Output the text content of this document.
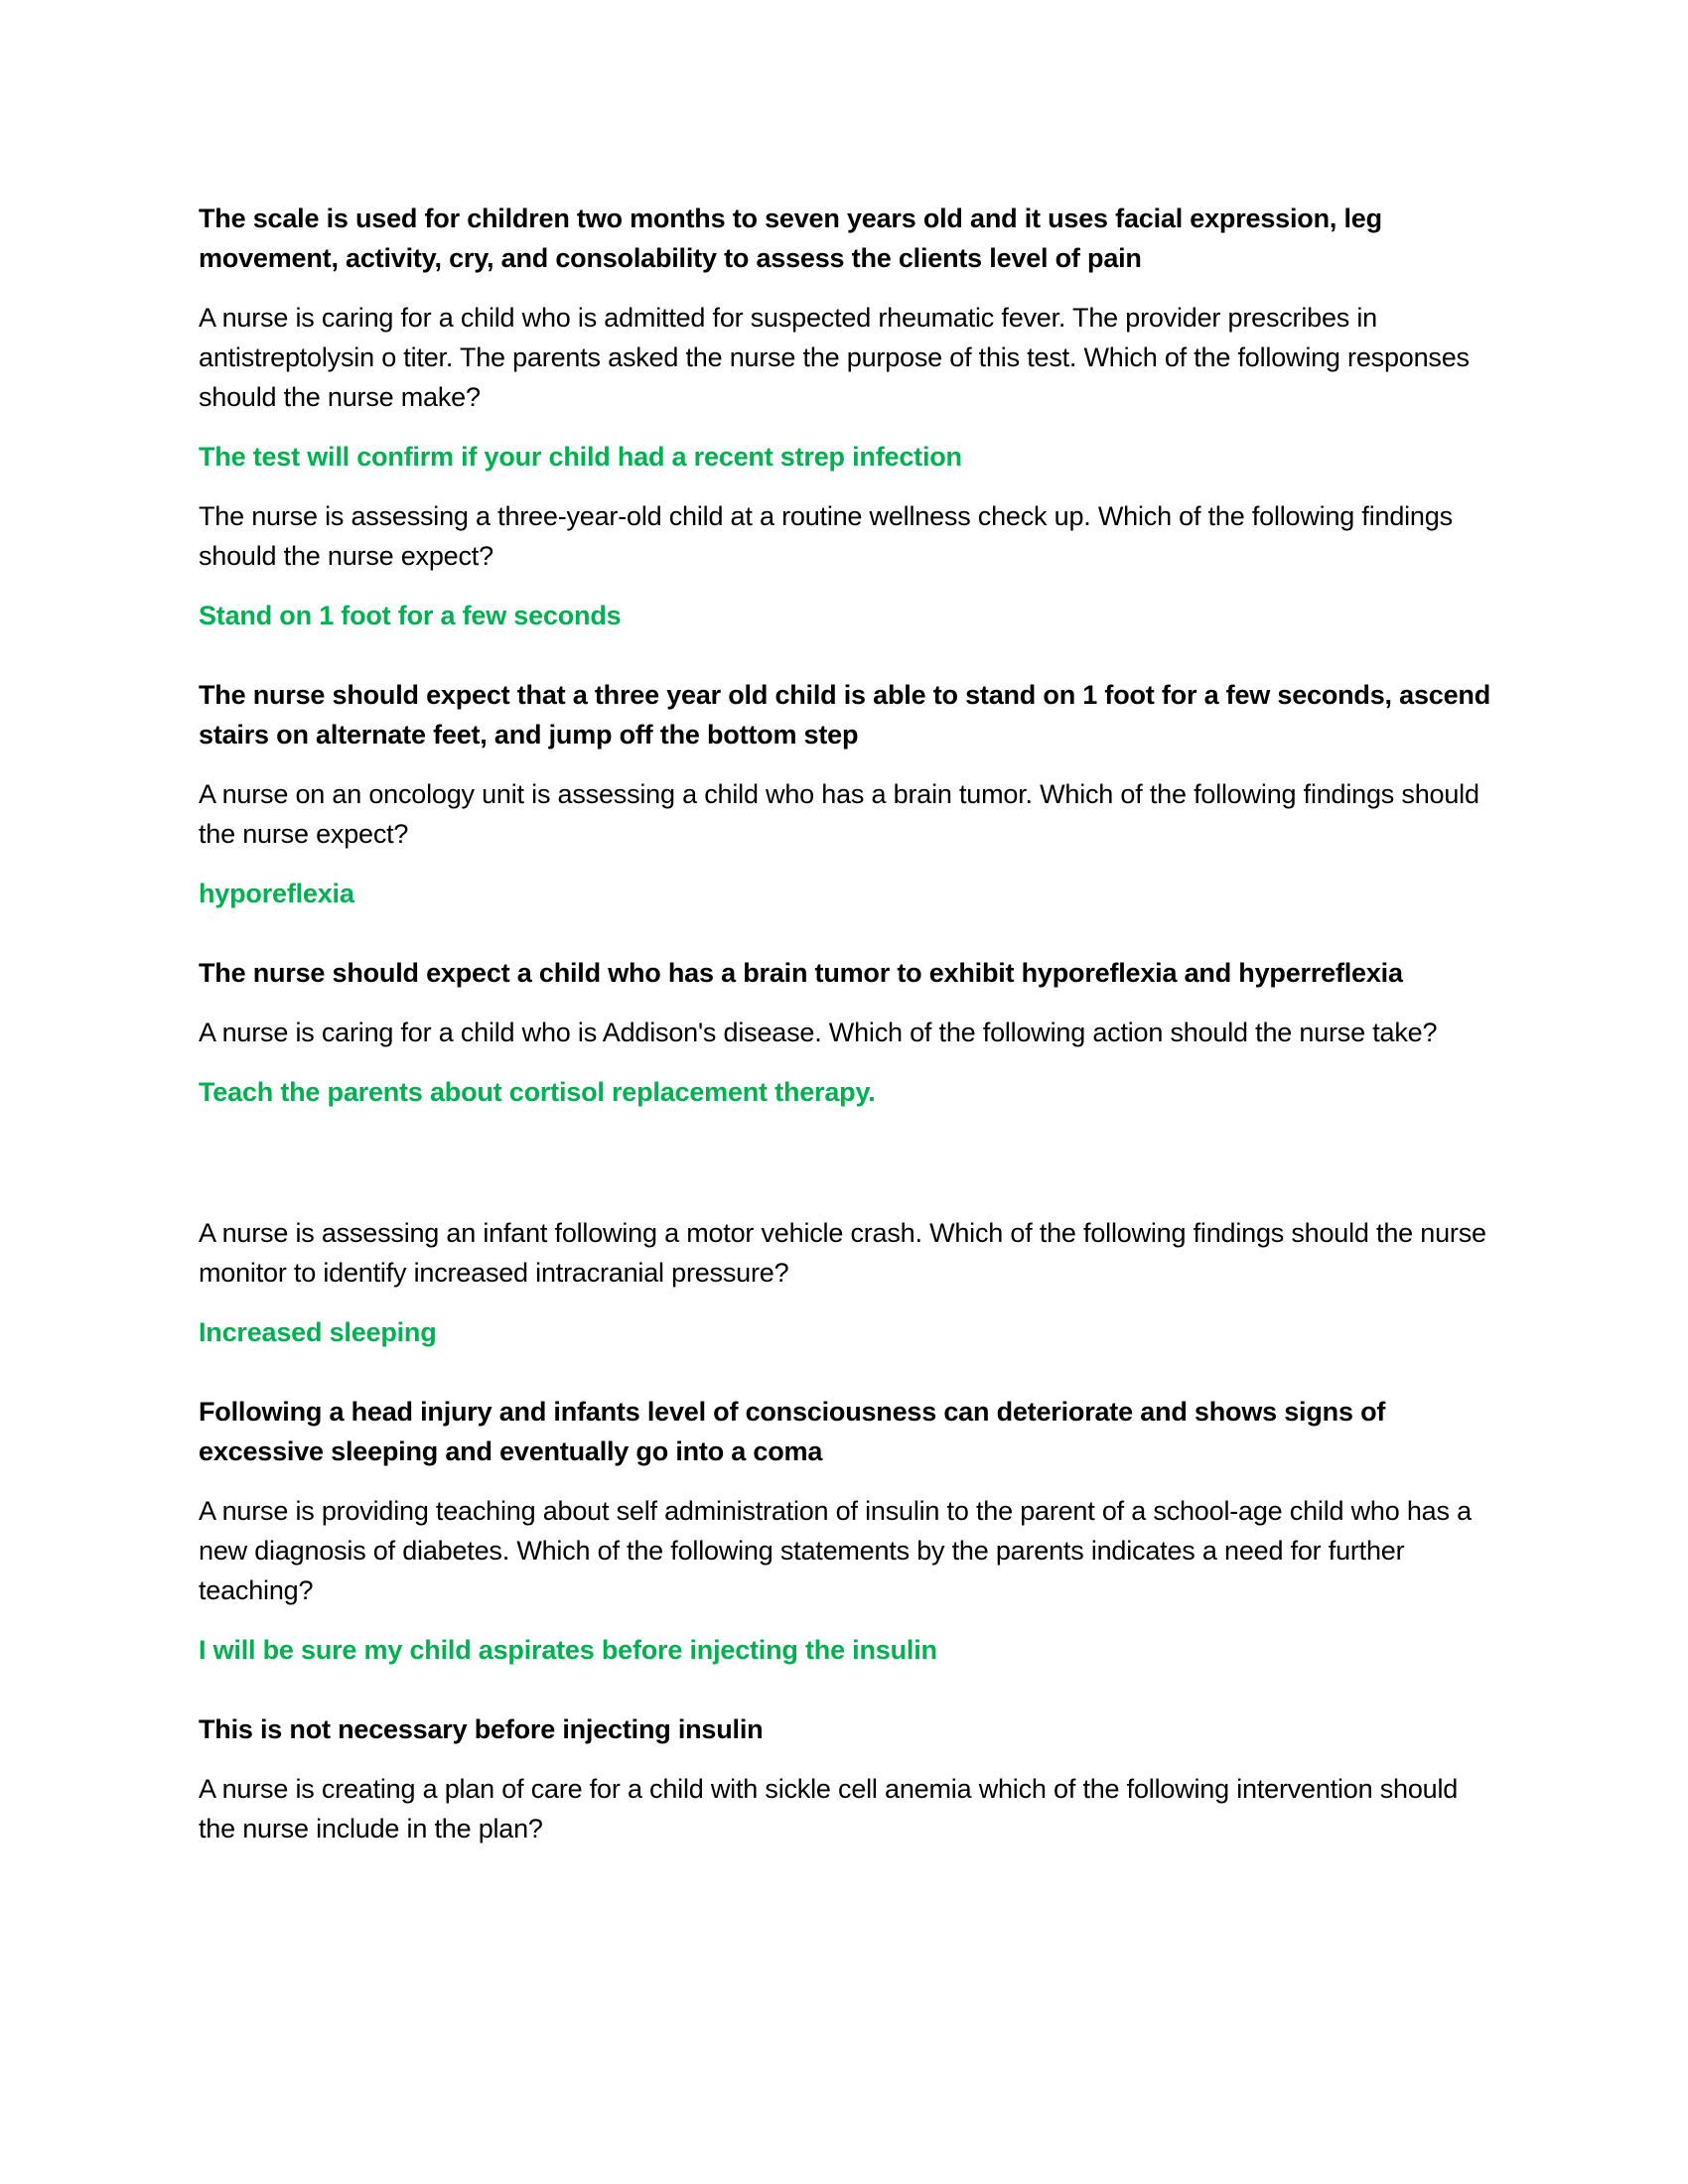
The scale is used for children two months to seven years old and it uses facial expression, leg movement, activity, cry, and consolability to assess the clients level of pain

A nurse is caring for a child who is admitted for suspected rheumatic fever. The provider prescribes in antistreptolysin o titer. The parents asked the nurse the purpose of this test. Which of the following responses should the nurse make?

The test will confirm if your child had a recent strep infection

The nurse is assessing a three-year-old child at a routine wellness check up. Which of the following findings should the nurse expect?

Stand on 1 foot for a few seconds

The nurse should expect that a three year old child is able to stand on 1 foot for a few seconds, ascend stairs on alternate feet, and jump off the bottom step

A nurse on an oncology unit is assessing a child who has a brain tumor. Which of the following findings should the nurse expect?

hyporeflexia

The nurse should expect a child who has a brain tumor to exhibit hyporeflexia and hyperreflexia

A nurse is caring for a child who is Addison's disease. Which of the following action should the nurse take?

Teach the parents about cortisol replacement therapy.

A nurse is assessing an infant following a motor vehicle crash. Which of the following findings should the nurse monitor to identify increased intracranial pressure?

Increased sleeping

Following a head injury and infants level of consciousness can deteriorate and shows signs of excessive sleeping and eventually go into a coma

A nurse is providing teaching about self administration of insulin to the parent of a school-age child who has a new diagnosis of diabetes. Which of the following statements by the parents indicates a need for further teaching?

I will be sure my child aspirates before injecting the insulin

This is not necessary before injecting insulin

A nurse is creating a plan of care for a child with sickle cell anemia which of the following intervention should the nurse include in the plan?
